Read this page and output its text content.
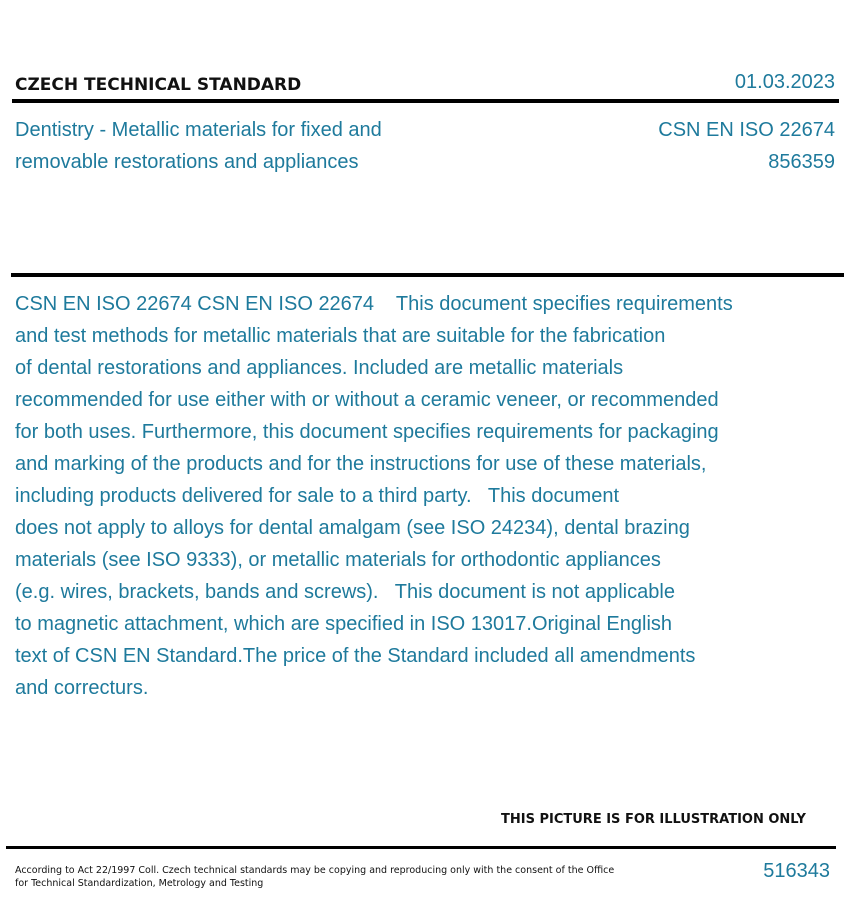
CZECH TECHNICAL STANDARD	01.03.2023
Dentistry - Metallic materials for fixed and
removable restorations and appliances
CSN EN ISO 22674
856359
CSN EN ISO 22674 CSN EN ISO 22674    This document specifies requirements
and test methods for metallic materials that are suitable for the fabrication
of dental restorations and appliances. Included are metallic materials
recommended for use either with or without a ceramic veneer, or recommended
for both uses. Furthermore, this document specifies requirements for packaging
and marking of the products and for the instructions for use of these materials,
including products delivered for sale to a third party.   This document
does not apply to alloys for dental amalgam (see ISO 24234), dental brazing
materials (see ISO 9333), or metallic materials for orthodontic appliances
(e.g. wires, brackets, bands and screws).   This document is not applicable
to magnetic attachment, which are specified in ISO 13017.Original English
text of CSN EN Standard.The price of the Standard included all amendments
and correcturs.
THIS PICTURE IS FOR ILLUSTRATION ONLY
According to Act 22/1997 Coll. Czech technical standards may be copying and reproducing only with the consent of the Office
for Technical Standardization, Metrology and Testing
516343
